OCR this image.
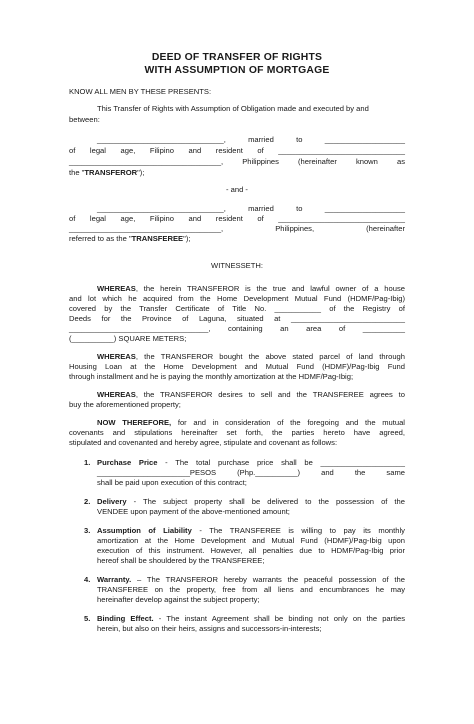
DEED OF TRANSFER OF RIGHTS
WITH ASSUMPTION OF MORTGAGE
KNOW ALL MEN BY THESE PRESENTS:
This Transfer of Rights with Assumption of Obligation made and executed by and
between:
______________________________, married to ___________________
of legal age, Filipino and resident of ______________________________
____________________________________, Philippines (hereinafter known as
the "TRANSFEROR");
- and -
______________________________, married to ___________________
of legal age, Filipino and resident of ______________________________
____________________________________, Philippines, (hereinafter
referred to as the "TRANSFEREE");
WITNESSETH:
WHEREAS, the herein TRANSFEROR is the true and lawful owner of a house
and lot which he acquired from the Home Development Mutual Fund (HDMF/Pag-Ibig)
covered by the Transfer Certificate of Title No. ___________ of the Registry of
Deeds for the Province of Laguna, situated at ___________________________
_________________________________, containing an area of __________
(__________) SQUARE METERS;
WHEREAS, the TRANSFEROR bought the above stated parcel of land through
Housing Loan at the Home Development and Mutual Fund (HDMF)/Pag-Ibig Fund
through installment and he is paying the monthly amortization at the HDMF/Pag-Ibig;
WHEREAS, the TRANSFEROR desires to sell and the TRANSFEREE agrees to
buy the aforementioned property;
NOW THEREFORE, for and in consideration of the foregoing and the mutual
covenants and stipulations hereinafter set forth, the parties hereto have agreed,
stipulated and covenanted and hereby agree, stipulate and covenant as follows:
1. Purchase Price - The total purchase price shall be ____________________
______________________PESOS (Php.__________) and the same
shall be paid upon execution of this contract;
2. Delivery - The subject property shall be delivered to the possession of the
VENDEE upon payment of the above-mentioned amount;
3. Assumption of Liability - The TRANSFEREE is willing to pay its monthly
amortization at the Home Development and Mutual Fund (HDMF)/Pag-Ibig upon
execution of this instrument. However, all penalties due to HDMF/Pag-Ibig prior
hereof shall be shouldered by the TRANSFEREE;
4. Warranty. – The TRANSFEROR hereby warrants the peaceful possession of the
TRANSFEREE on the property, free from all liens and encumbrances he may
hereinafter develop against the subject property;
5. Binding Effect. - The instant Agreement shall be binding not only on the parties
herein, but also on their heirs, assigns and successors-in-interests;
